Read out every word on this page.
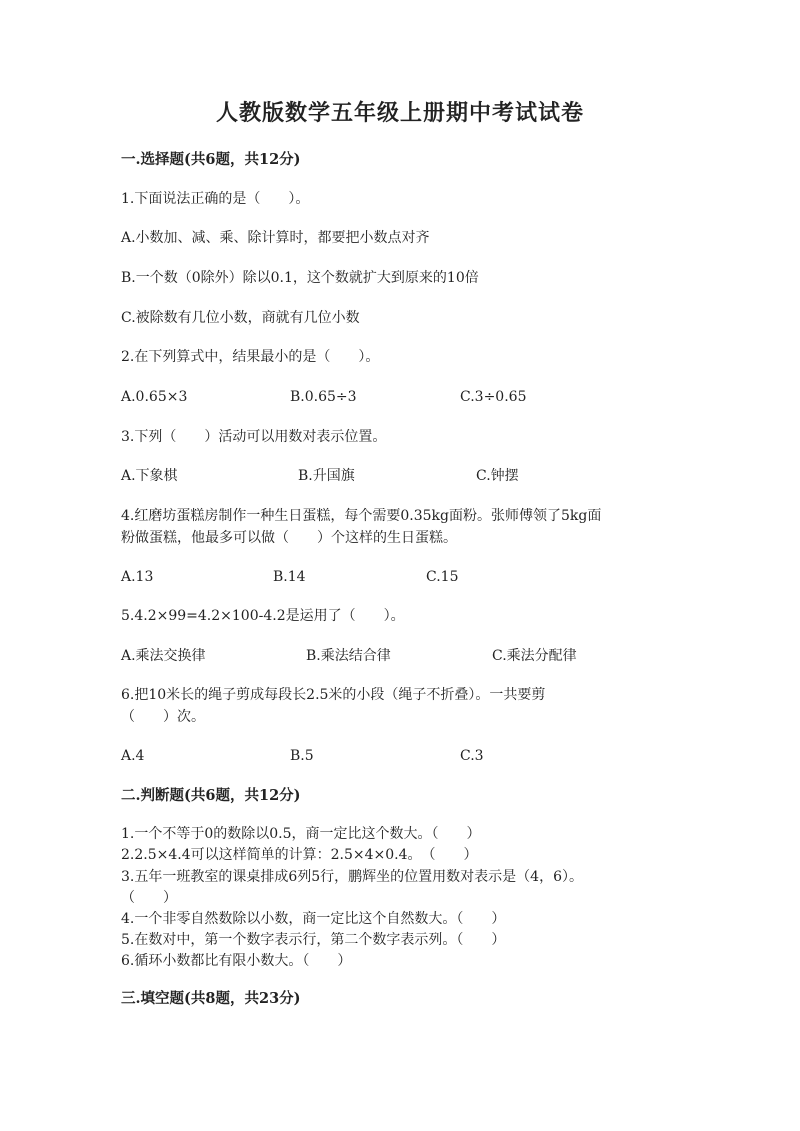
人教版数学五年级上册期中考试试卷
一.选择题(共6题，共12分)
1.下面说法正确的是（　　）。
A.小数加、减、乘、除计算时，都要把小数点对齐
B.一个数（0除外）除以0.1，这个数就扩大到原来的10倍
C.被除数有几位小数，商就有几位小数
2.在下列算式中，结果最小的是（　　）。
A.0.65×3	B.0.65÷3	C.3÷0.65
3.下列（　　）活动可以用数对表示位置。
A.下象棋	B.升国旗	C.钟摆
4.红磨坊蛋糕房制作一种生日蛋糕，每个需要0.35kg面粉。张师傅领了5kg面
粉做蛋糕，他最多可以做（　　）个这样的生日蛋糕。
A.13	B.14	C.15
5.4.2×99=4.2×100-4.2是运用了（　　）。
A.乘法交换律	B.乘法结合律	C.乘法分配律
6.把10米长的绳子剪成每段长2.5米的小段（绳子不折叠）。一共要剪
（　　）次。
A.4	B.5	C.3
二.判断题(共6题，共12分)
1.一个不等于0的数除以0.5，商一定比这个数大。（　　）
2.2.5×4.4可以这样简单的计算：2.5×4×0.4。　（　　）
3.五年一班教室的课桌排成6列5行，鹏辉坐的位置用数对表示是（4，6）。
（　　）
4.一个非零自然数除以小数，商一定比这个自然数大。（　　）
5.在数对中，第一个数字表示行，第二个数字表示列。（　　）
6.循环小数都比有限小数大。（　　）
三.填空题(共8题，共23分)
